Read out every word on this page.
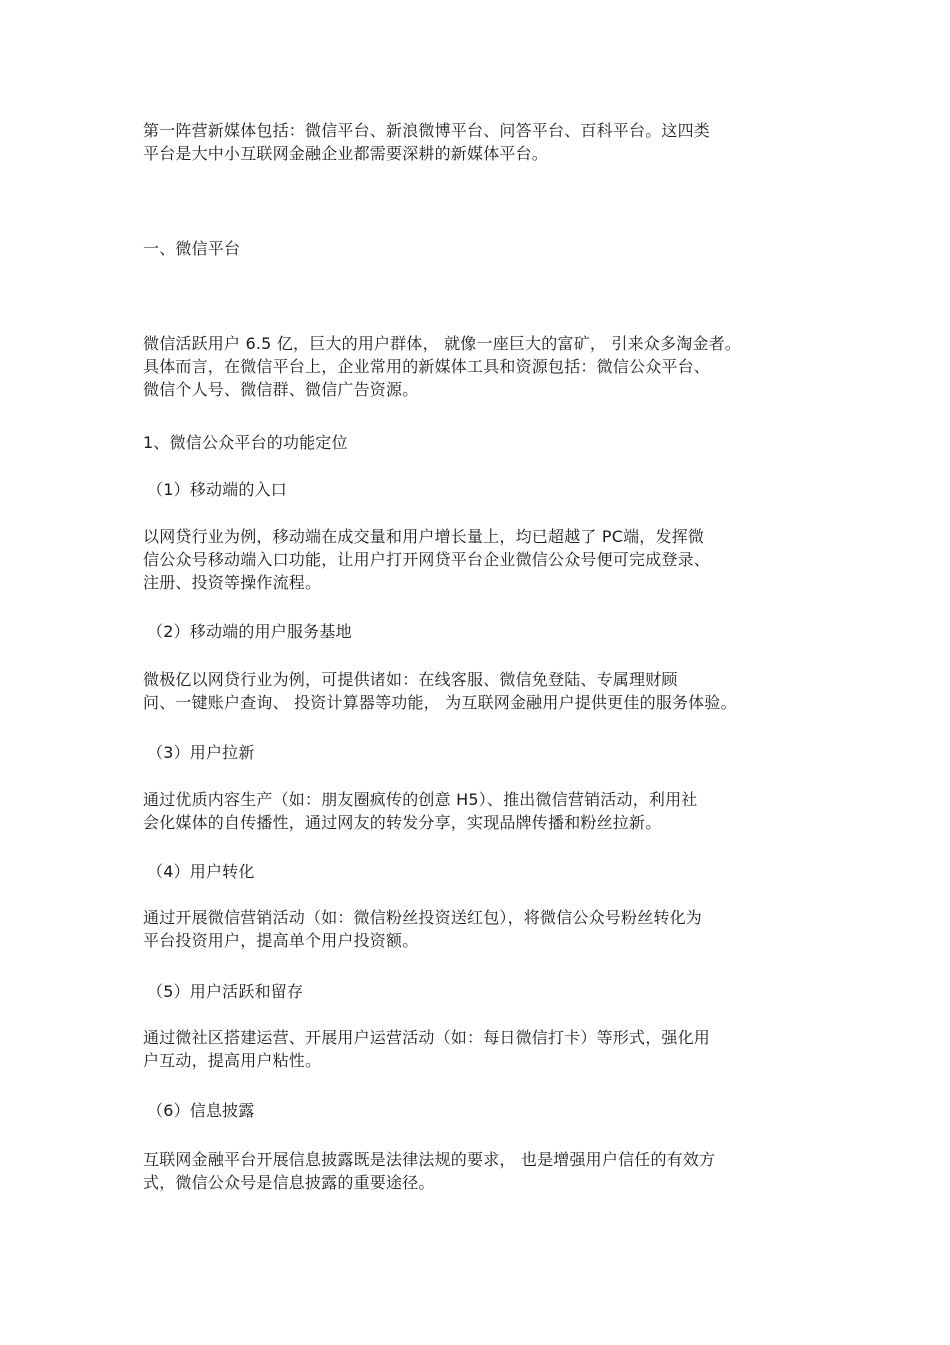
第一阵营新媒体包括：微信平台、新浪微博平台、问答平台、百科平台。这四类
平台是大中小互联网金融企业都需要深耕的新媒体平台。

一、微信平台

微信活跃用户 6.5 亿，巨大的用户群体， 就像一座巨大的富矿， 引来众多淘金者。
具体而言，在微信平台上，企业常用的新媒体工具和资源包括：微信公众平台、
微信个人号、微信群、微信广告资源。

1、微信公众平台的功能定位
（1）移动端的入口

以网贷行业为例，移动端在成交量和用户增长量上，均已超越了 PC端，发挥微
信公众号移动端入口功能，让用户打开网贷平台企业微信公众号便可完成登录、
注册、投资等操作流程。

（2）移动端的用户服务基地

微极亿以网贷行业为例，可提供诸如：在线客服、微信免登陆、专属理财顾
问、一键账户查询、 投资计算器等功能， 为互联网金融用户提供更佳的服务体验。

（3）用户拉新

通过优质内容生产（如：朋友圈疯传的创意 H5）、推出微信营销活动，利用社
会化媒体的自传播性，通过网友的转发分享，实现品牌传播和粉丝拉新。

（4）用户转化

通过开展微信营销活动（如：微信粉丝投资送红包），将微信公众号粉丝转化为
平台投资用户，提高单个用户投资额。

（5）用户活跃和留存

通过微社区搭建运营、开展用户运营活动（如：每日微信打卡）等形式，强化用
户互动，提高用户粘性。

（6）信息披露

互联网金融平台开展信息披露既是法律法规的要求， 也是增强用户信任的有效方
式，微信公众号是信息披露的重要途径。
